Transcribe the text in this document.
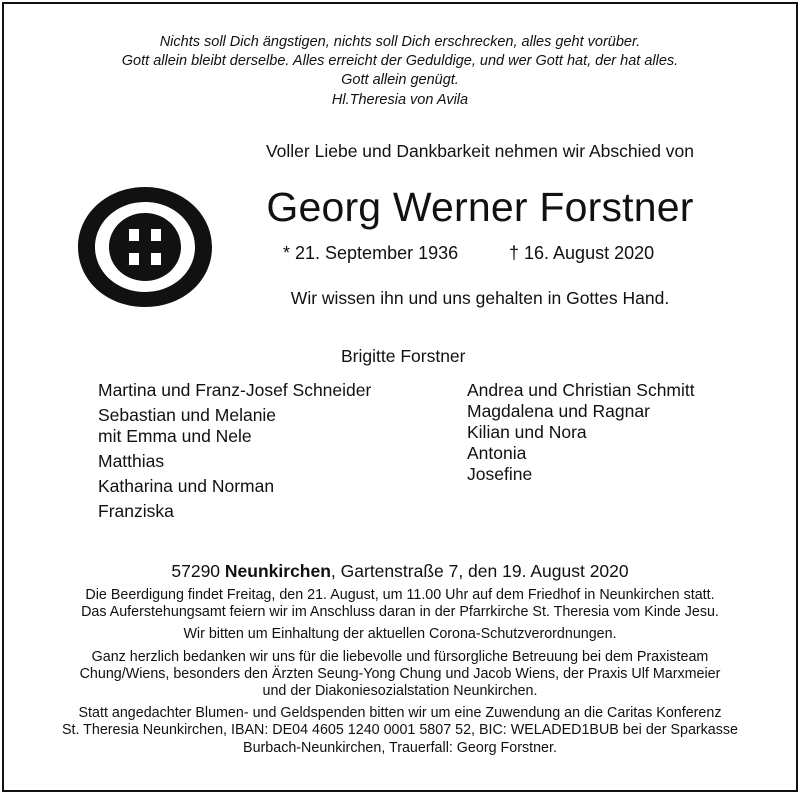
Nichts soll Dich ängstigen, nichts soll Dich erschrecken, alles geht vorüber.
Gott allein bleibt derselbe. Alles erreicht der Geduldige, und wer Gott hat, der hat alles.
Gott allein genügt.
Hl.Theresia von Avila
Voller Liebe und Dankbarkeit nehmen wir Abschied von
Georg Werner Forstner
* 21. September 1936	† 16. August 2020
Wir wissen ihn und uns gehalten in Gottes Hand.
Brigitte Forstner
Martina und Franz-Josef Schneider
Sebastian und Melanie
mit Emma und Nele
Matthias
Katharina und Norman
Franziska
Andrea und Christian Schmitt
Magdalena und Ragnar
Kilian und Nora
Antonia
Josefine
57290 Neunkirchen, Gartenstraße 7, den 19. August 2020
Die Beerdigung findet Freitag, den 21. August, um 11.00 Uhr auf dem Friedhof in Neunkirchen statt.
Das Auferstehungsamt feiern wir im Anschluss daran in der Pfarrkirche St. Theresia vom Kinde Jesu.
Wir bitten um Einhaltung der aktuellen Corona-Schutzverordnungen.
Ganz herzlich bedanken wir uns für die liebevolle und fürsorgliche Betreuung bei dem Praxisteam
Chung/Wiens, besonders den Ärzten Seung-Yong Chung und Jacob Wiens, der Praxis Ulf Marxmeier
und der Diakoniesozialstation Neunkirchen.
Statt angedachter Blumen- und Geldspenden bitten wir um eine Zuwendung an die Caritas Konferenz
St. Theresia Neunkirchen, IBAN: DE04 4605 1240 0001 5807 52, BIC: WELADED1BUB bei der Sparkasse
Burbach-Neunkirchen, Trauerfall: Georg Forstner.
